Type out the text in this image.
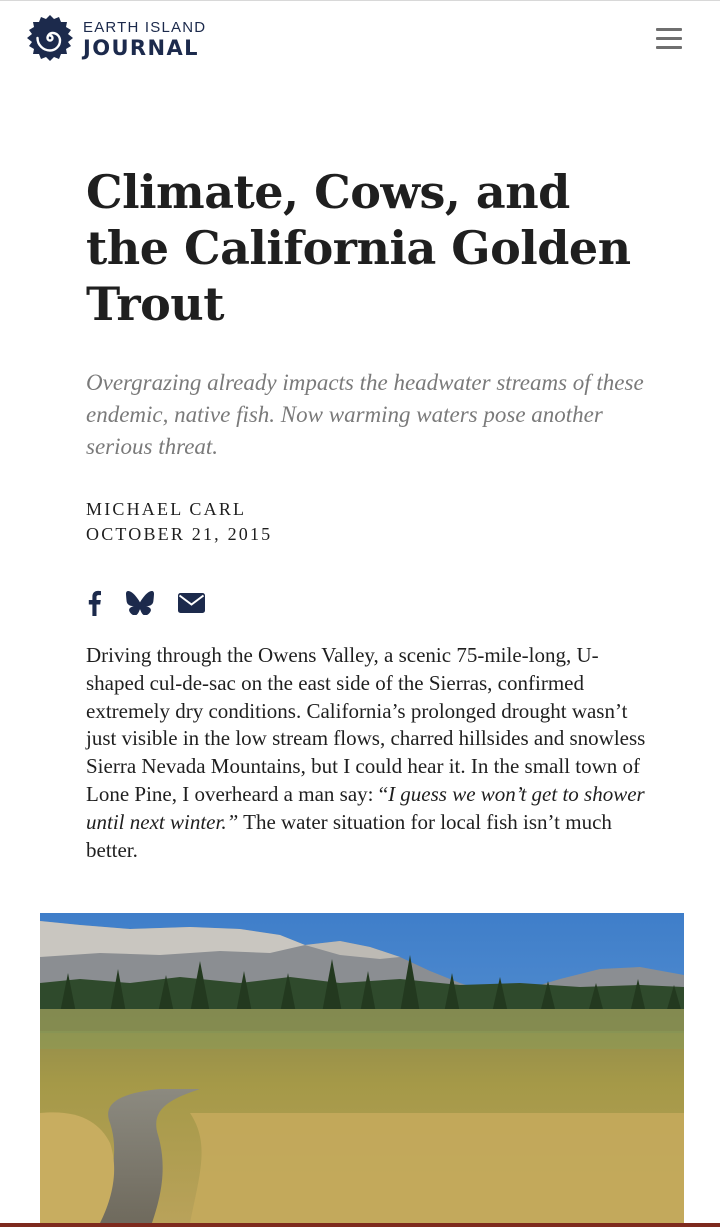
EARTH ISLAND
JOURNAL
Climate, Cows, and the California Golden Trout

Overgrazing already impacts the headwater streams of these endemic, native fish. Now warming waters pose another serious threat.

MICHAEL CARL
OCTOBER 21, 2015

Driving through the Owens Valley, a scenic 75-mile-long, U-shaped cul-de-sac on the east side of the Sierras, confirmed extremely dry conditions. California’s prolonged drought wasn’t just visible in the low stream flows, charred hillsides and snowless Sierra Nevada Mountains, but I could hear it. In the small town of Lone Pine, I overheard a man say: “I guess we won’t get to shower until next winter.” The water situation for local fish isn’t much better.
